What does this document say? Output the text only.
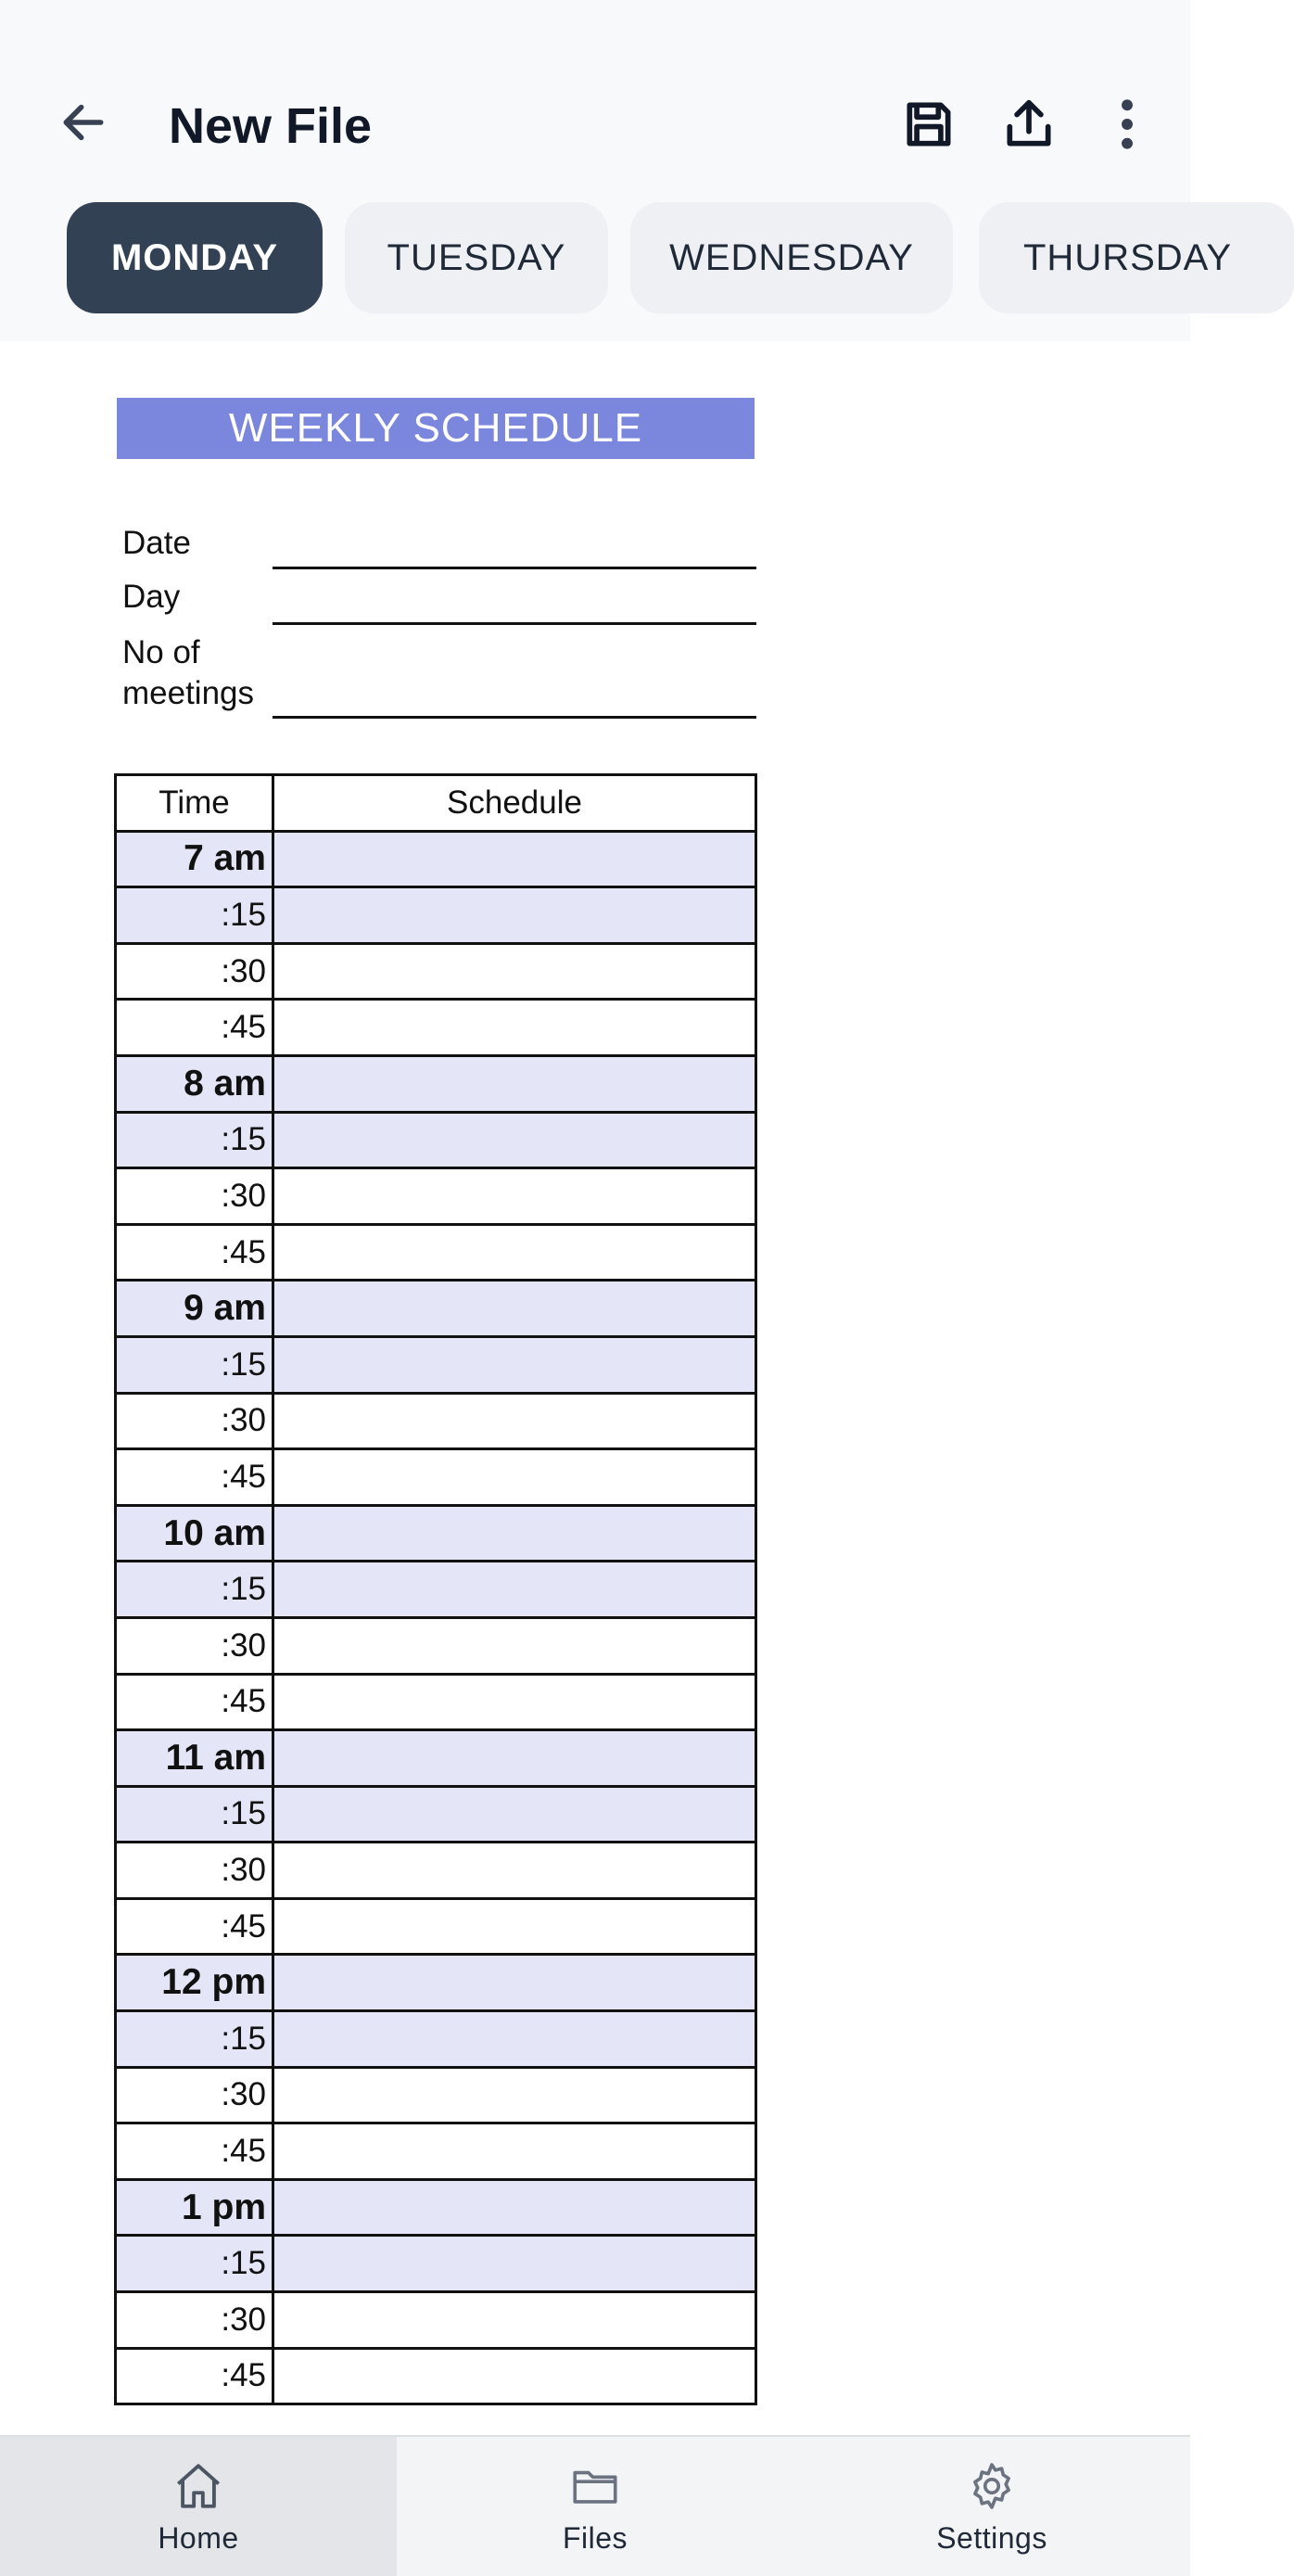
New File
MONDAY	TUESDAY	WEDNESDAY	THURSDAY
WEEKLY SCHEDULE
Date
Day
No of
meetings
Time	Schedule
7 am	
:15	
:30	
:45	
8 am	
:15	
:30	
:45	
9 am	
:15	
:30	
:45	
10 am	
:15	
:30	
:45	
11 am	
:15	
:30	
:45	
12 pm	
:15	
:30	
:45	
1 pm	
:15	
:30	
:45	
Home	Files	Settings
